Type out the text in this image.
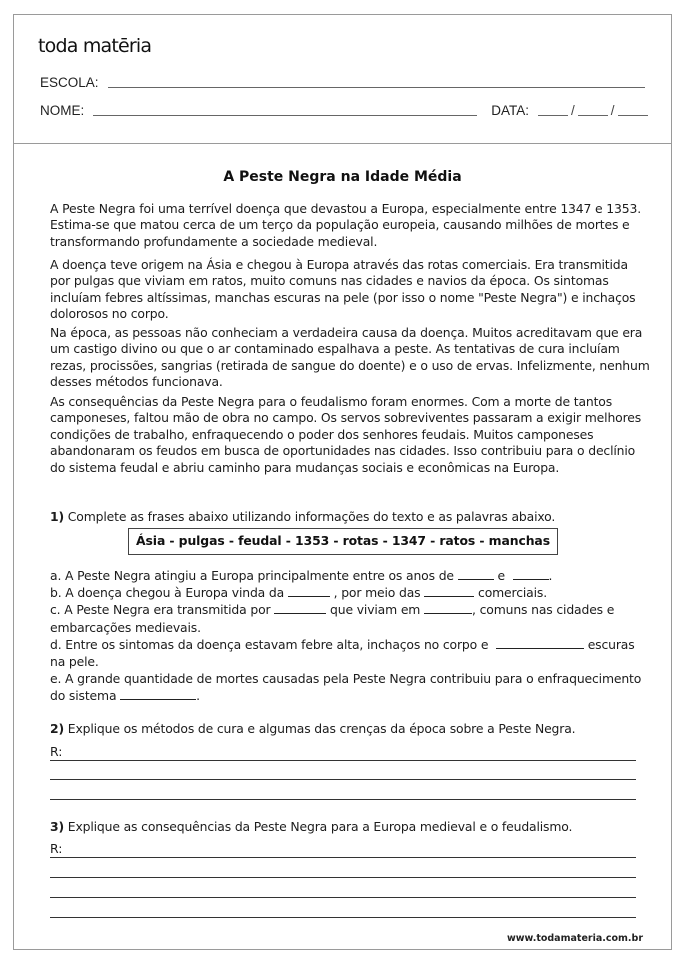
toda matēria
ESCOLA:
NOME:	DATA:	/	/
A Peste Negra na Idade Média

A Peste Negra foi uma terrível doença que devastou a Europa, especialmente entre 1347 e 1353. Estima-se que matou cerca de um terço da população europeia, causando milhões de mortes e transformando profundamente a sociedade medieval.

A doença teve origem na Ásia e chegou à Europa através das rotas comerciais. Era transmitida por pulgas que viviam em ratos, muito comuns nas cidades e navios da época. Os sintomas incluíam febres altíssimas, manchas escuras na pele (por isso o nome "Peste Negra") e inchaços dolorosos no corpo.

Na época, as pessoas não conheciam a verdadeira causa da doença. Muitos acreditavam que era um castigo divino ou que o ar contaminado espalhava a peste. As tentativas de cura incluíam rezas, procissões, sangrias (retirada de sangue do doente) e o uso de ervas. Infelizmente, nenhum desses métodos funcionava.

As consequências da Peste Negra para o feudalismo foram enormes. Com a morte de tantos camponeses, faltou mão de obra no campo. Os servos sobreviventes passaram a exigir melhores condições de trabalho, enfraquecendo o poder dos senhores feudais. Muitos camponeses abandonaram os feudos em busca de oportunidades nas cidades. Isso contribuiu para o declínio do sistema feudal e abriu caminho para mudanças sociais e econômicas na Europa.

1) Complete as frases abaixo utilizando informações do texto e as palavras abaixo.
Ásia - pulgas - feudal - 1353 - rotas - 1347 - ratos - manchas
a. A Peste Negra atingiu a Europa principalmente entre os anos de	e	.
b. A doença chegou à Europa vinda da	, por meio das	comerciais.
c. A Peste Negra era transmitida por	que viviam em	, comuns nas cidades e embarcações medievais.
d. Entre os sintomas da doença estavam febre alta, inchaços no corpo e	escuras na pele.
e. A grande quantidade de mortes causadas pela Peste Negra contribuiu para o enfraquecimento do sistema	.
2) Explique os métodos de cura e algumas das crenças da época sobre a Peste Negra.
R:
3) Explique as consequências da Peste Negra para a Europa medieval e o feudalismo.
R:
www.todamateria.com.br
